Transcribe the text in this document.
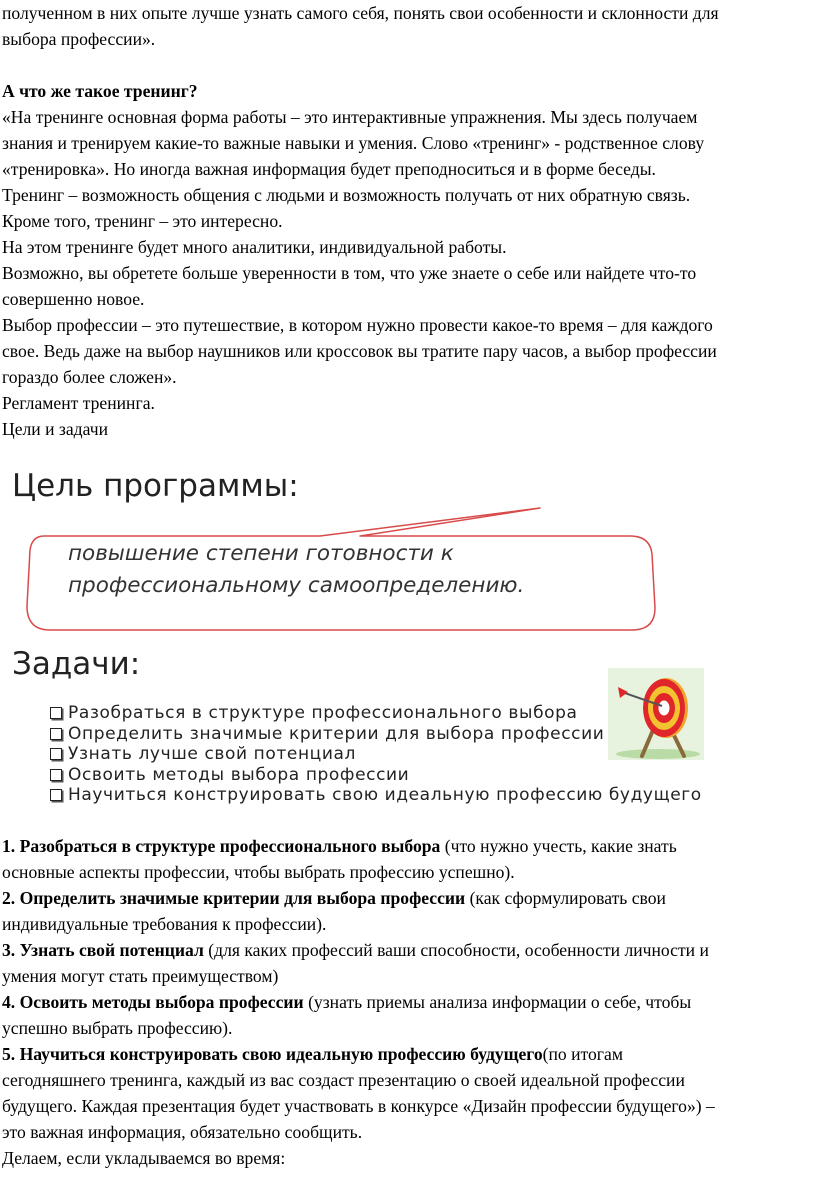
полученном в них опыте лучше узнать самого себя, понять свои особенности и склонности для

выбора профессии».

А что же такое тренинг?

«На тренинге основная форма работы – это интерактивные упражнения. Мы здесь получаем

знания и тренируем какие-то важные навыки и умения. Слово «тренинг» - родственное слову

«тренировка». Но иногда важная информация будет преподноситься и в форме беседы.

Тренинг – возможность общения с людьми и возможность получать от них обратную связь.

Кроме того, тренинг – это интересно.

На этом тренинге будет много аналитики, индивидуальной работы.

Возможно, вы обретете больше уверенности в том, что уже знаете о себе или найдете что-то

совершенно новое.

Выбор профессии – это путешествие, в котором нужно провести какое-то время – для каждого

свое. Ведь даже на выбор наушников или кроссовок вы тратите пару часов, а выбор профессии

гораздо более сложен».

Регламент тренинга.

Цели и задачи

Цель программы:
повышение степени готовности к
профессиональному самоопределению.
Задачи:
Разобраться в структуре профессионального выбора
Определить значимые критерии для выбора профессии
Узнать лучше свой потенциал
Освоить методы выбора профессии
Научиться конструировать свою идеальную профессию будущего

1. Разобраться в структуре профессионального выбора (что нужно учесть, какие знать

основные аспекты профессии, чтобы выбрать профессию успешно).

2. Определить значимые критерии для выбора профессии (как сформулировать свои

индивидуальные требования к профессии).

3. Узнать свой потенциал (для каких профессий ваши способности, особенности личности и

умения могут стать преимуществом)

4. Освоить методы выбора профессии (узнать приемы анализа информации о себе, чтобы

успешно выбрать профессию).

5. Научиться конструировать свою идеальную профессию будущего(по итогам

сегодняшнего тренинга, каждый из вас создаст презентацию о своей идеальной профессии

будущего. Каждая презентация будет участвовать в конкурсе «Дизайн профессии будущего») –

это важная информация, обязательно сообщить.

Делаем, если укладываемся во время:
